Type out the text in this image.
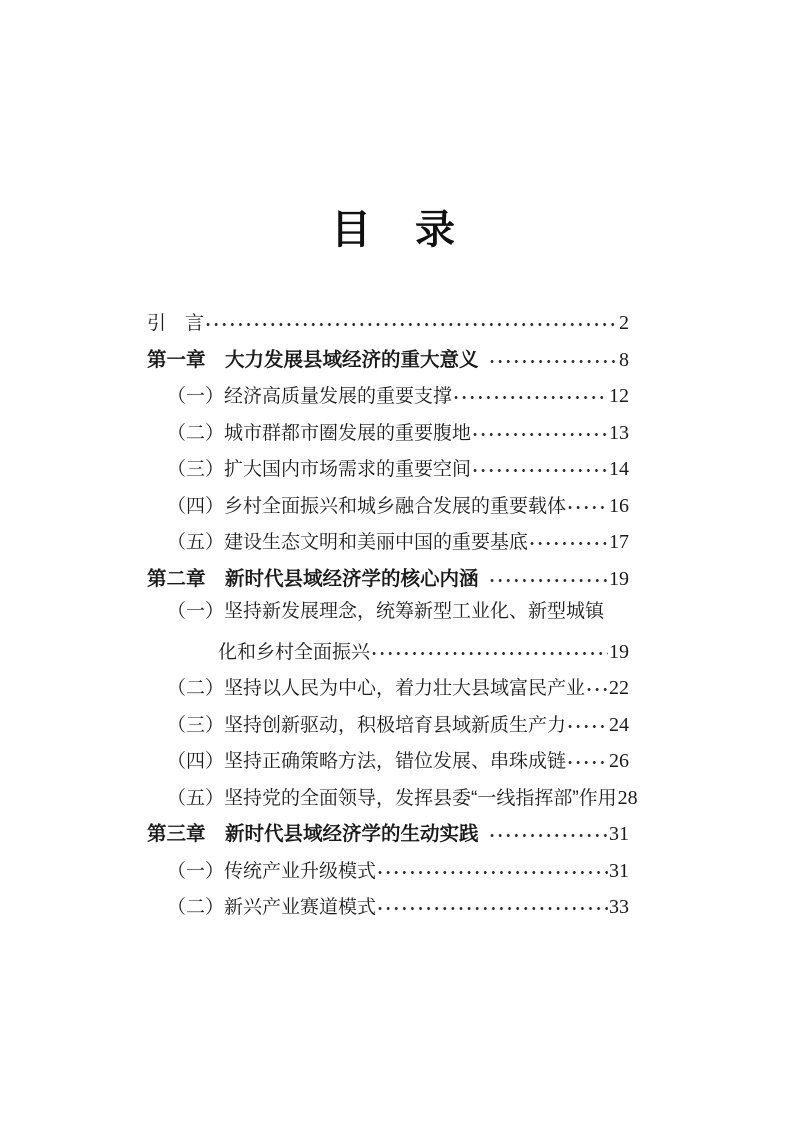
目　录
引　言	2
第一章　大力发展县域经济的重大意义	8
（一）经济高质量发展的重要支撑	12
（二）城市群都市圈发展的重要腹地	13
（三）扩大国内市场需求的重要空间	14
（四）乡村全面振兴和城乡融合发展的重要载体 16
（五）建设生态文明和美丽中国的重要基底	17
第二章　新时代县域经济学的核心内涵	19
（一）坚持新发展理念，统筹新型工业化、新型城镇
化和乡村全面振兴	19
（二）坚持以人民为中心，着力壮大县域富民产业 22
（三）坚持创新驱动，积极培育县域新质生产力 24
（四）坚持正确策略方法，错位发展、串珠成链 26
（五）坚持党的全面领导，发挥县委“一线指挥部”作用 28
第三章　新时代县域经济学的生动实践	31
（一）传统产业升级模式	31
（二）新兴产业赛道模式	33
